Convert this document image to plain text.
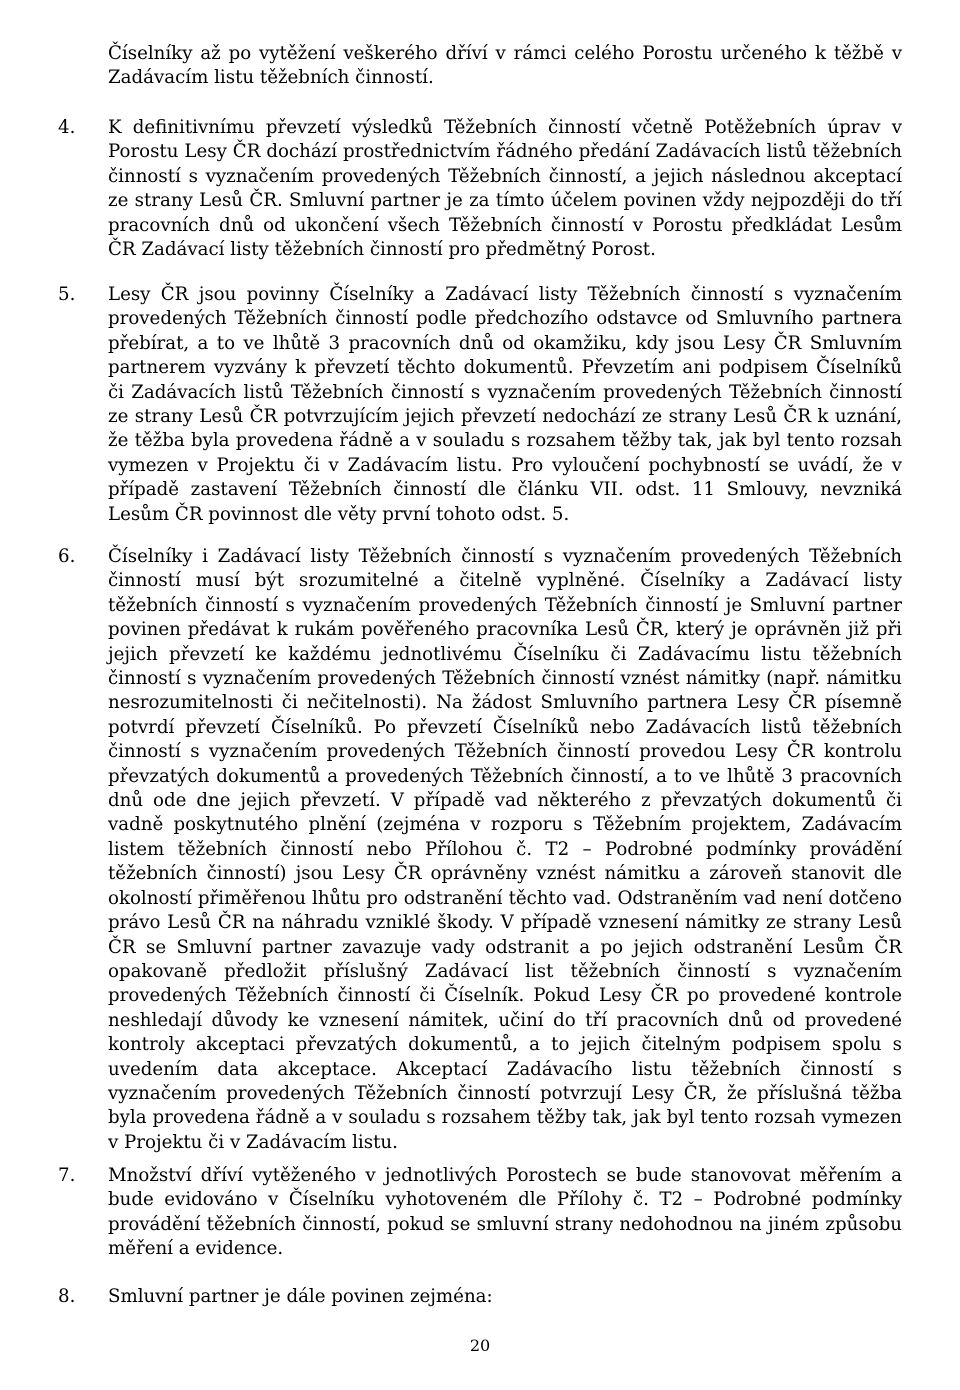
Číselníky až po vytěžení veškerého dříví v rámci celého Porostu určeného k těžbě v Zadávacím listu těžebních činností.

4. K definitivnímu převzetí výsledků Těžebních činností včetně Potěžebních úprav v Porostu Lesy ČR dochází prostřednictvím řádného předání Zadávacích listů těžebních činností s vyznačením provedených Těžebních činností, a jejich následnou akceptací ze strany Lesů ČR. Smluvní partner je za tímto účelem povinen vždy nejpozději do tří pracovních dnů od ukončení všech Těžebních činností v Porostu předkládat Lesům ČR Zadávací listy těžebních činností pro předmětný Porost.

5. Lesy ČR jsou povinny Číselníky a Zadávací listy Těžebních činností s vyznačením provedených Těžebních činností podle předchozího odstavce od Smluvního partnera přebírat, a to ve lhůtě 3 pracovních dnů od okamžiku, kdy jsou Lesy ČR Smluvním partnerem vyzvány k převzetí těchto dokumentů. Převzetím ani podpisem Číselníků či Zadávacích listů Těžebních činností s vyznačením provedených Těžebních činností ze strany Lesů ČR potvrzujícím jejich převzetí nedochází ze strany Lesů ČR k uznání, že těžba byla provedena řádně a v souladu s rozsahem těžby tak, jak byl tento rozsah vymezen v Projektu či v Zadávacím listu. Pro vyloučení pochybností se uvádí, že v případě zastavení Těžebních činností dle článku VII. odst. 11 Smlouvy, nevzniká Lesům ČR povinnost dle věty první tohoto odst. 5.

6. Číselníky i Zadávací listy Těžebních činností s vyznačením provedených Těžebních činností musí být srozumitelné a čitelně vyplněné. Číselníky a Zadávací listy těžebních činností s vyznačením provedených Těžebních činností je Smluvní partner povinen předávat k rukám pověřeného pracovníka Lesů ČR, který je oprávněn již při jejich převzetí ke každému jednotlivému Číselníku či Zadávacímu listu těžebních činností s vyznačením provedených Těžebních činností vznést námitky (např. námitku nesrozumitelnosti či nečitelnosti). Na žádost Smluvního partnera Lesy ČR písemně potvrdí převzetí Číselníků. Po převzetí Číselníků nebo Zadávacích listů těžebních činností s vyznačením provedených Těžebních činností provedou Lesy ČR kontrolu převzatých dokumentů a provedených Těžebních činností, a to ve lhůtě 3 pracovních dnů ode dne jejich převzetí. V případě vad některého z převzatých dokumentů či vadně poskytnutého plnění (zejména v rozporu s Těžebním projektem, Zadávacím listem těžebních činností nebo Přílohou č. T2 – Podrobné podmínky provádění těžebních činností) jsou Lesy ČR oprávněny vznést námitku a zároveň stanovit dle okolností přiměřenou lhůtu pro odstranění těchto vad. Odstraněním vad není dotčeno právo Lesů ČR na náhradu vzniklé škody. V případě vznesení námitky ze strany Lesů ČR se Smluvní partner zavazuje vady odstranit a po jejich odstranění Lesům ČR opakovaně předložit příslušný Zadávací list těžebních činností s vyznačením provedených Těžebních činností či Číselník. Pokud Lesy ČR po provedené kontrole neshledají důvody ke vznesení námitek, učiní do tří pracovních dnů od provedené kontroly akceptaci převzatých dokumentů, a to jejich čitelným podpisem spolu s uvedením data akceptace. Akceptací Zadávacího listu těžebních činností s vyznačením provedených Těžebních činností potvrzují Lesy ČR, že příslušná těžba byla provedena řádně a v souladu s rozsahem těžby tak, jak byl tento rozsah vymezen v Projektu či v Zadávacím listu.

7. Množství dříví vytěženého v jednotlivých Porostech se bude stanovovat měřením a bude evidováno v Číselníku vyhotoveném dle Přílohy č. T2 – Podrobné podmínky provádění těžebních činností, pokud se smluvní strany nedohodnou na jiném způsobu měření a evidence.

8. Smluvní partner je dále povinen zejména:

20
